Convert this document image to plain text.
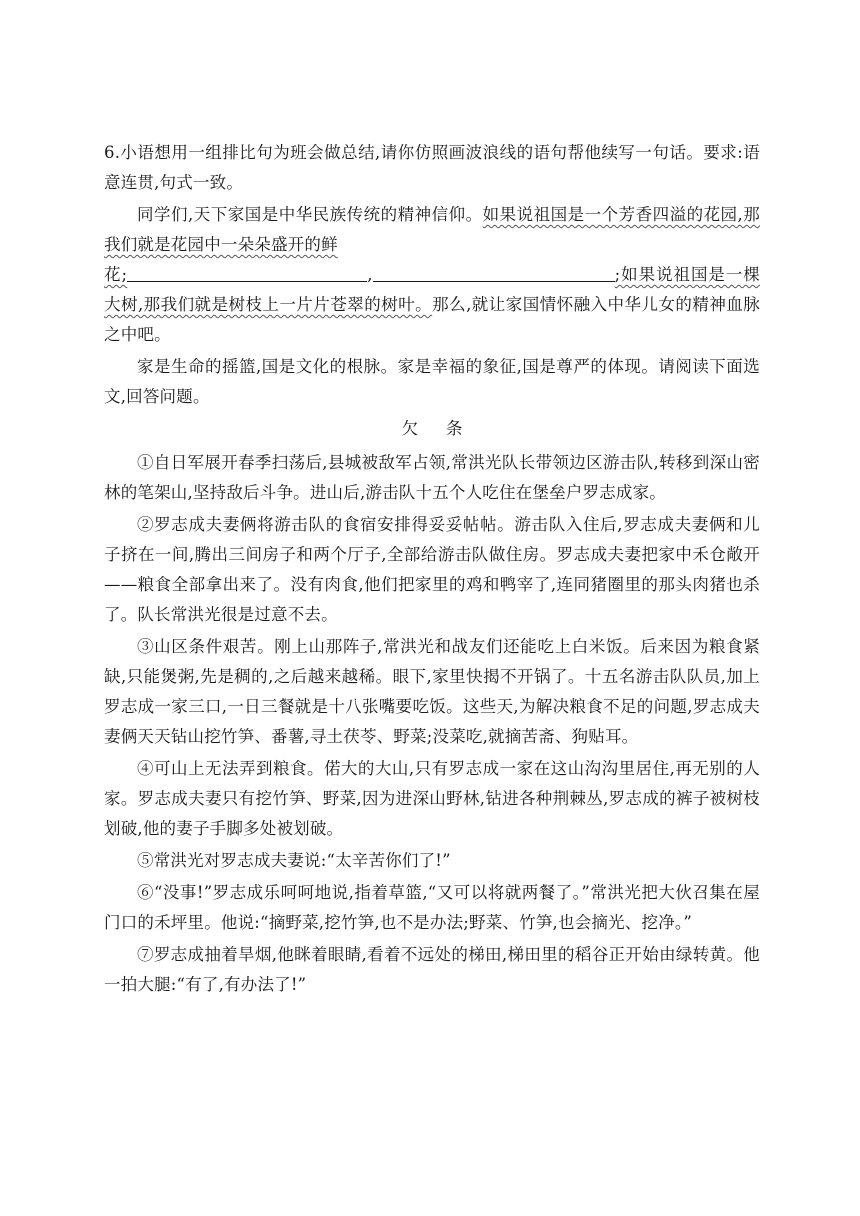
6.小语想用一组排比句为班会做总结,请你仿照画波浪线的语句帮他续写一句话。要求:语意连贯,句式一致。

同学们,天下家国是中华民族传统的精神信仰。如果说祖国是一个芳香四溢的花园,那我们就是花园中一朵朵盛开的鲜
花;	,	;如果说祖国是一棵大树,那我们就是树枝上一片片苍翠的树叶。那么,就让家国情怀融入中华儿女的精神血脉之中吧。

家是生命的摇篮,国是文化的根脉。家是幸福的象征,国是尊严的体现。请阅读下面选文,回答问题。

欠条

①自日军展开春季扫荡后,县城被敌军占领,常洪光队长带领边区游击队,转移到深山密林的笔架山,坚持敌后斗争。进山后,游击队十五个人吃住在堡垒户罗志成家。

②罗志成夫妻俩将游击队的食宿安排得妥妥帖帖。游击队入住后,罗志成夫妻俩和儿子挤在一间,腾出三间房子和两个厅子,全部给游击队做住房。罗志成夫妻把家中禾仓敞开——粮食全部拿出来了。没有肉食,他们把家里的鸡和鸭宰了,连同猪圈里的那头肉猪也杀了。队长常洪光很是过意不去。

③山区条件艰苦。刚上山那阵子,常洪光和战友们还能吃上白米饭。后来因为粮食紧缺,只能煲粥,先是稠的,之后越来越稀。眼下,家里快揭不开锅了。十五名游击队队员,加上罗志成一家三口,一日三餐就是十八张嘴要吃饭。这些天,为解决粮食不足的问题,罗志成夫妻俩天天钻山挖竹笋、番薯,寻土茯苓、野菜;没菜吃,就摘苦斋、狗贴耳。

④可山上无法弄到粮食。偌大的大山,只有罗志成一家在这山沟沟里居住,再无别的人家。罗志成夫妻只有挖竹笋、野菜,因为进深山野林,钻进各种荆棘丛,罗志成的裤子被树枝划破,他的妻子手脚多处被划破。

⑤常洪光对罗志成夫妻说:“太辛苦你们了!”

⑥“没事!”罗志成乐呵呵地说,指着草篮,“又可以将就两餐了。”常洪光把大伙召集在屋门口的禾坪里。他说:“摘野菜,挖竹笋,也不是办法;野菜、竹笋,也会摘光、挖净。”

⑦罗志成抽着旱烟,他眯着眼睛,看着不远处的梯田,梯田里的稻谷正开始由绿转黄。他一拍大腿:“有了,有办法了!”
